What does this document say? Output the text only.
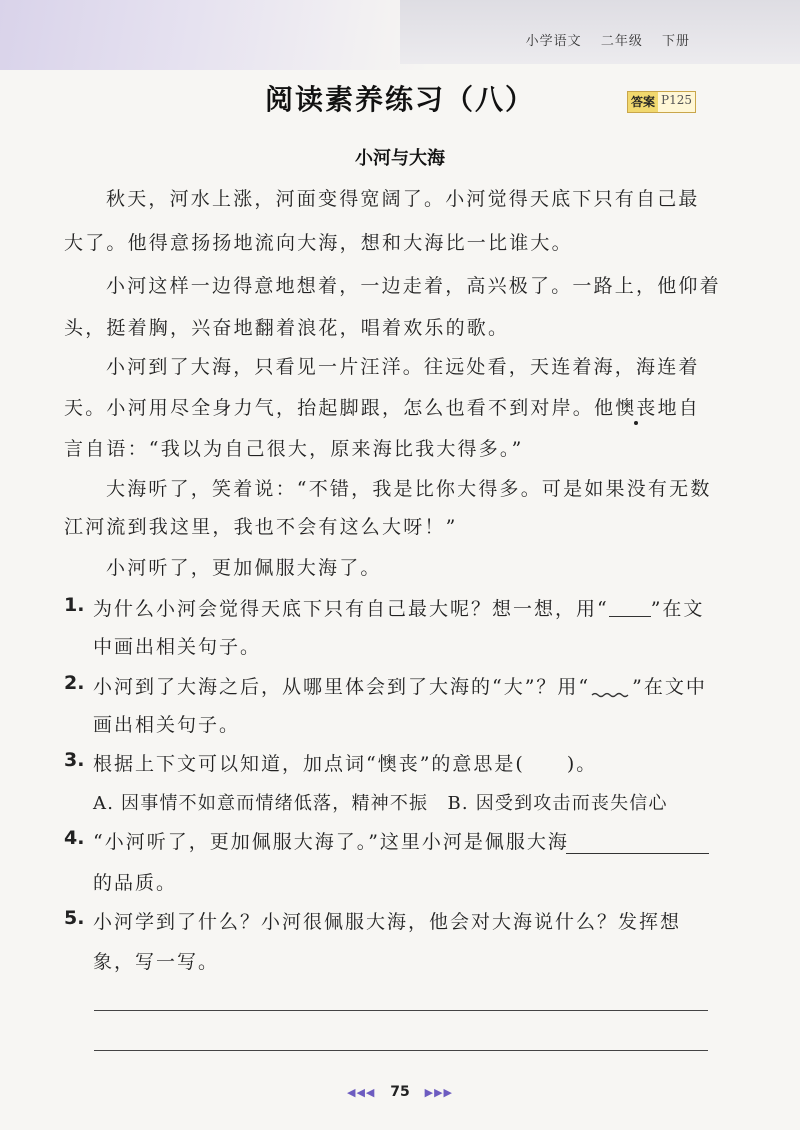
小学语文 二年级 下册
阅读素养练习（八）	答案 P125
小河与大海
秋天，河水上涨，河面变得宽阔了。小河觉得天底下只有自己最
大了。他得意扬扬地流向大海，想和大海比一比谁大。
小河这样一边得意地想着，一边走着，高兴极了。一路上，他仰着
头，挺着胸，兴奋地翻着浪花，唱着欢乐的歌。
小河到了大海，只看见一片汪洋。往远处看，天连着海，海连着
天。小河用尽全身力气，抬起脚跟，怎么也看不到对岸。他懊丧地自
言自语：“我以为自己很大，原来海比我大得多。”
大海听了，笑着说：“不错，我是比你大得多。可是如果没有无数
江河流到我这里，我也不会有这么大呀！”
小河听了，更加佩服大海了。
1. 为什么小河会觉得天底下只有自己最大呢？想一想，用“ ”在文
中画出相关句子。
2. 小河到了大海之后，从哪里体会到了大海的“大”？用“ ”在文中
画出相关句子。
3. 根据上下文可以知道，加点词“懊丧”的意思是(　　)。
A. 因事情不如意而情绪低落，精神不振　B. 因受到攻击而丧失信心
4. “小河听了，更加佩服大海了。”这里小河是佩服大海
的品质。
5. 小河学到了什么？小河很佩服大海，他会对大海说什么？发挥想
象，写一写。
◀◀◀ 75 ▶▶▶
